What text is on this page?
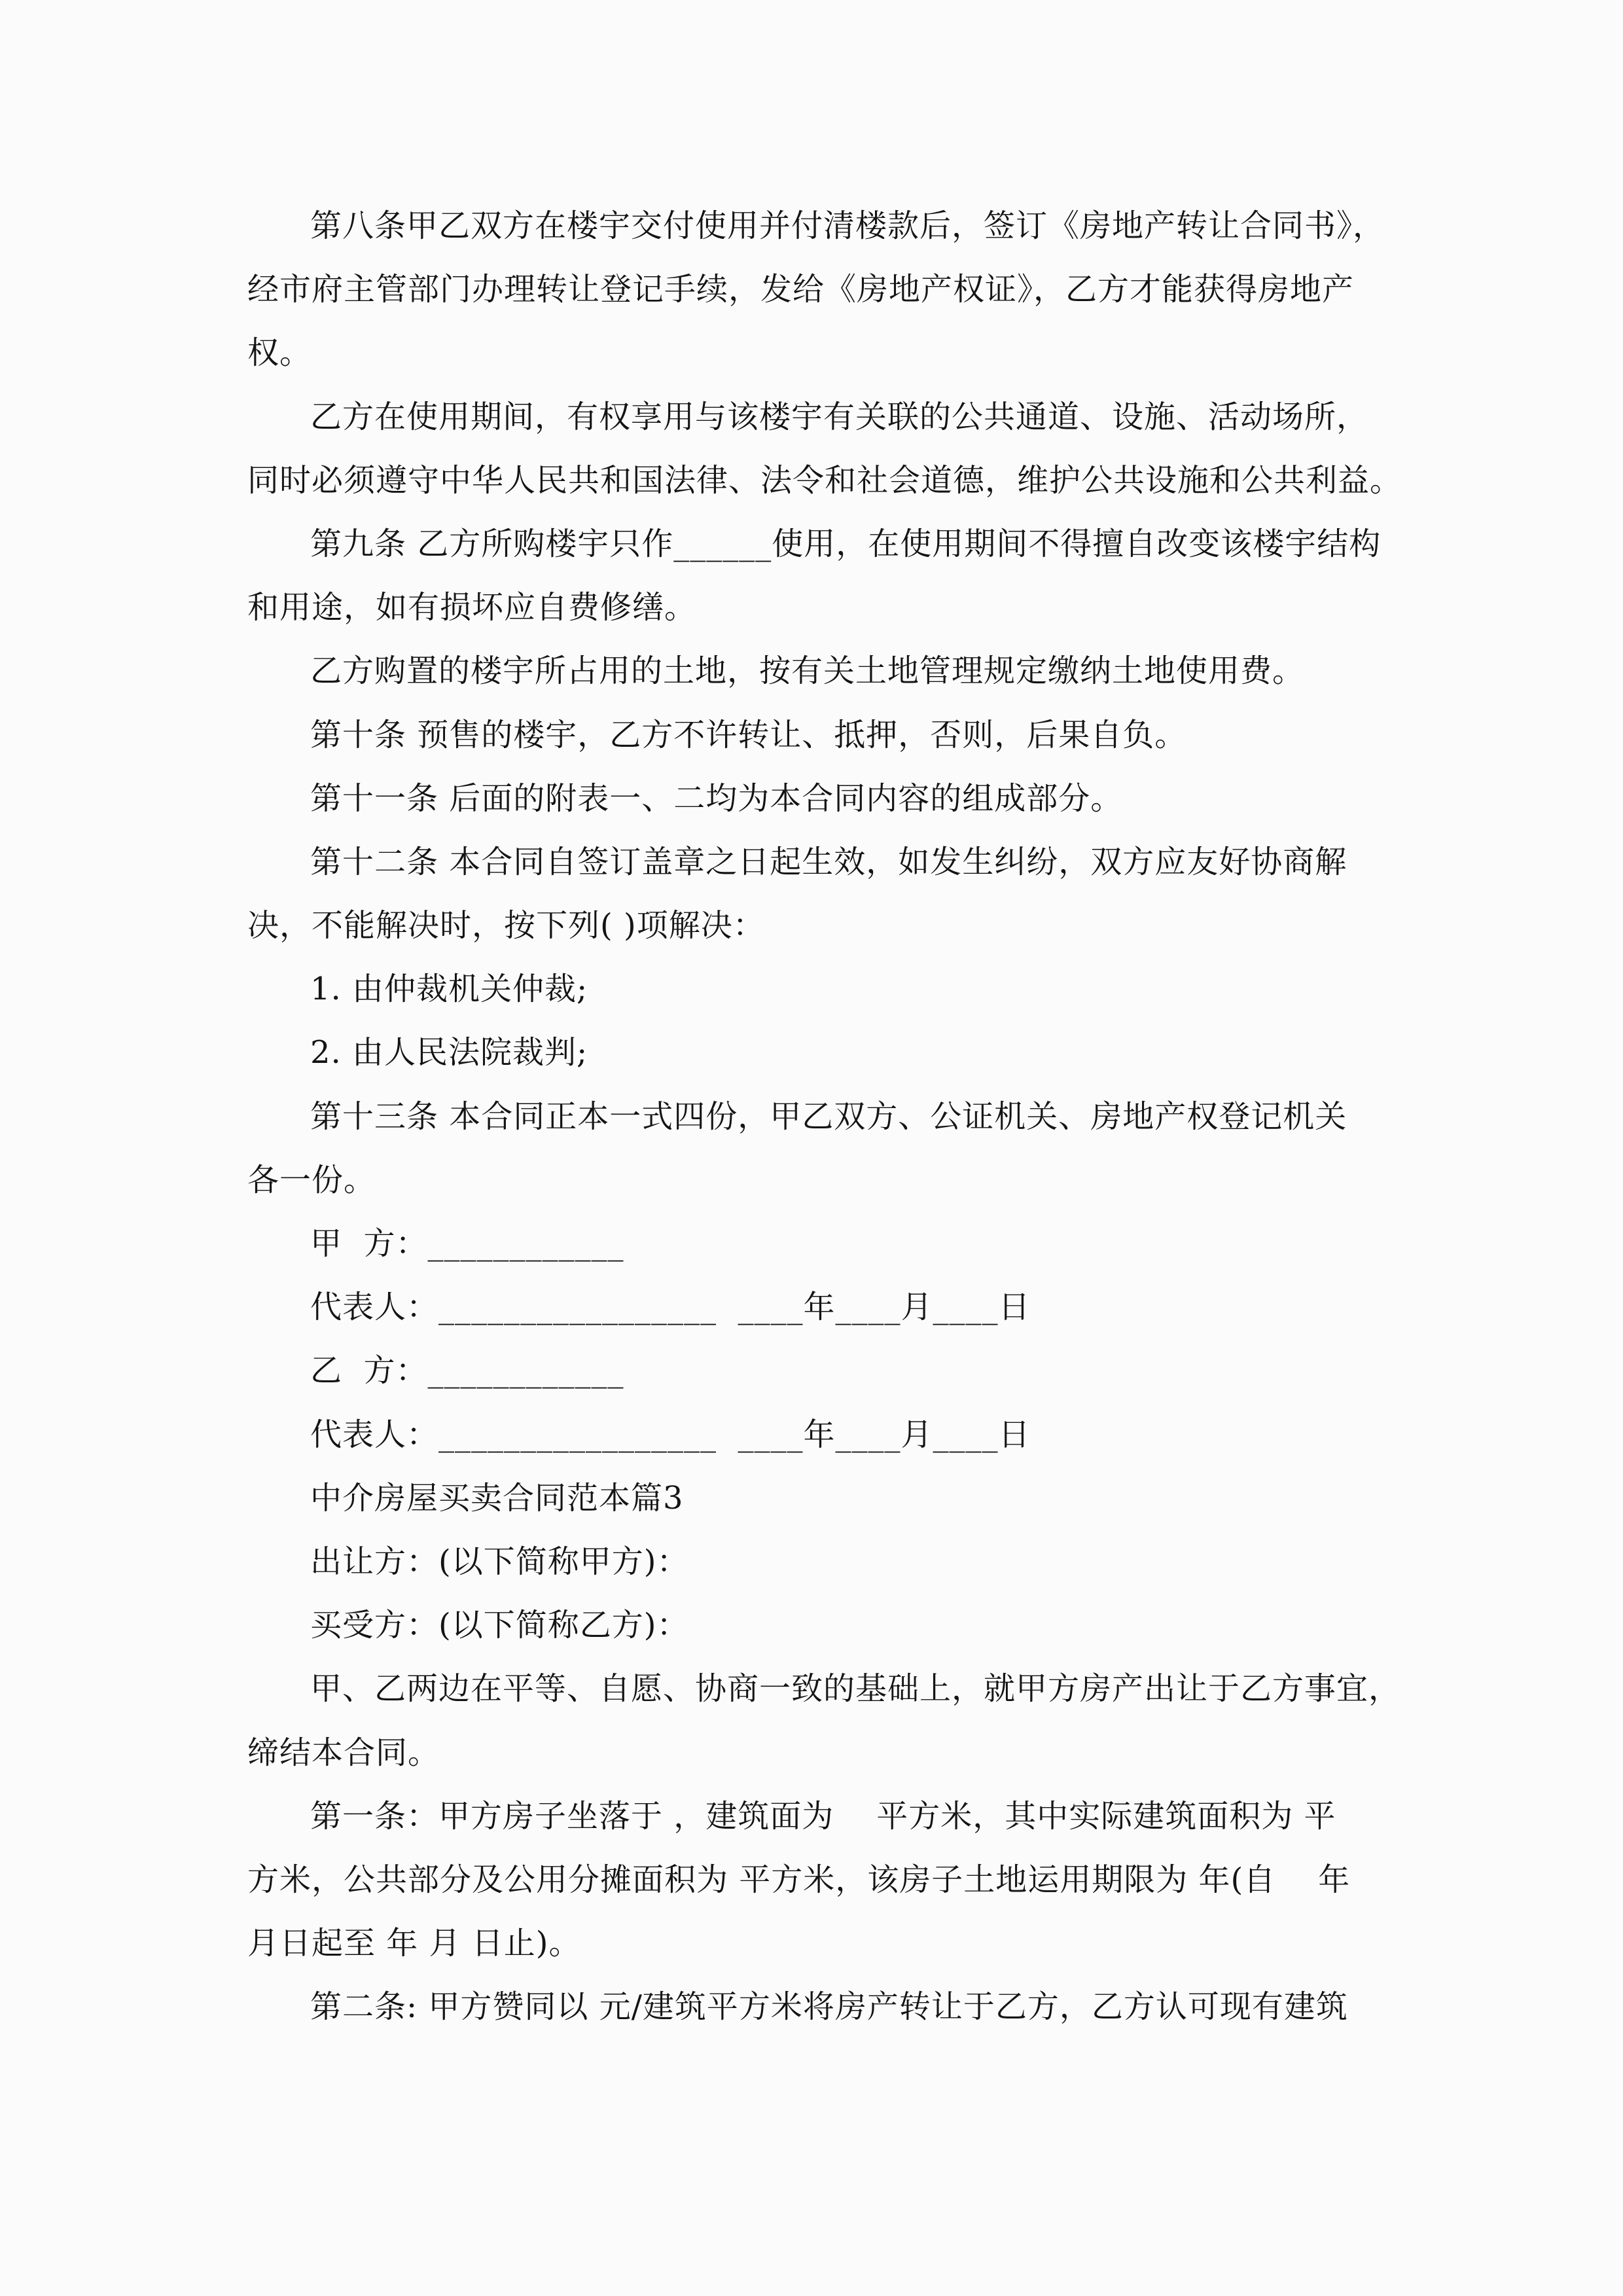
第八条甲乙双方在楼宇交付使用并付清楼款后，签订《房地产转让合同书》，
经市府主管部门办理转让登记手续，发给《房地产权证》，乙方才能获得房地产
权。
乙方在使用期间，有权享用与该楼宇有关联的公共通道、设施、活动场所，
同时必须遵守中华人民共和国法律、法令和社会道德，维护公共设施和公共利益。
第九条 乙方所购楼宇只作______使用，在使用期间不得擅自改变该楼宇结构
和用途，如有损坏应自费修缮。
乙方购置的楼宇所占用的土地，按有关土地管理规定缴纳土地使用费。
第十条 预售的楼宇，乙方不许转让、抵押，否则，后果自负。
第十一条 后面的附表一、二均为本合同内容的组成部分。
第十二条 本合同自签订盖章之日起生效，如发生纠纷，双方应友好协商解
决，不能解决时，按下列( )项解决：
1. 由仲裁机关仲裁;
2. 由人民法院裁判;
第十三条 本合同正本一式四份，甲乙双方、公证机关、房地产权登记机关
各一份。
甲  方：____________
代表人：_________________  ____年____月____日
乙  方：____________
代表人：_________________  ____年____月____日
中介房屋买卖合同范本篇3
出让方：(以下简称甲方)：
买受方：(以下简称乙方)：
甲、乙两边在平等、自愿、协商一致的基础上，就甲方房产出让于乙方事宜，
缔结本合同。
第一条：甲方房子坐落于 ，建筑面为    平方米，其中实际建筑面积为 平
方米，公共部分及公用分摊面积为 平方米，该房子土地运用期限为 年(自    年
月日起至 年 月 日止)。
第二条: 甲方赞同以 元/建筑平方米将房产转让于乙方，乙方认可现有建筑
